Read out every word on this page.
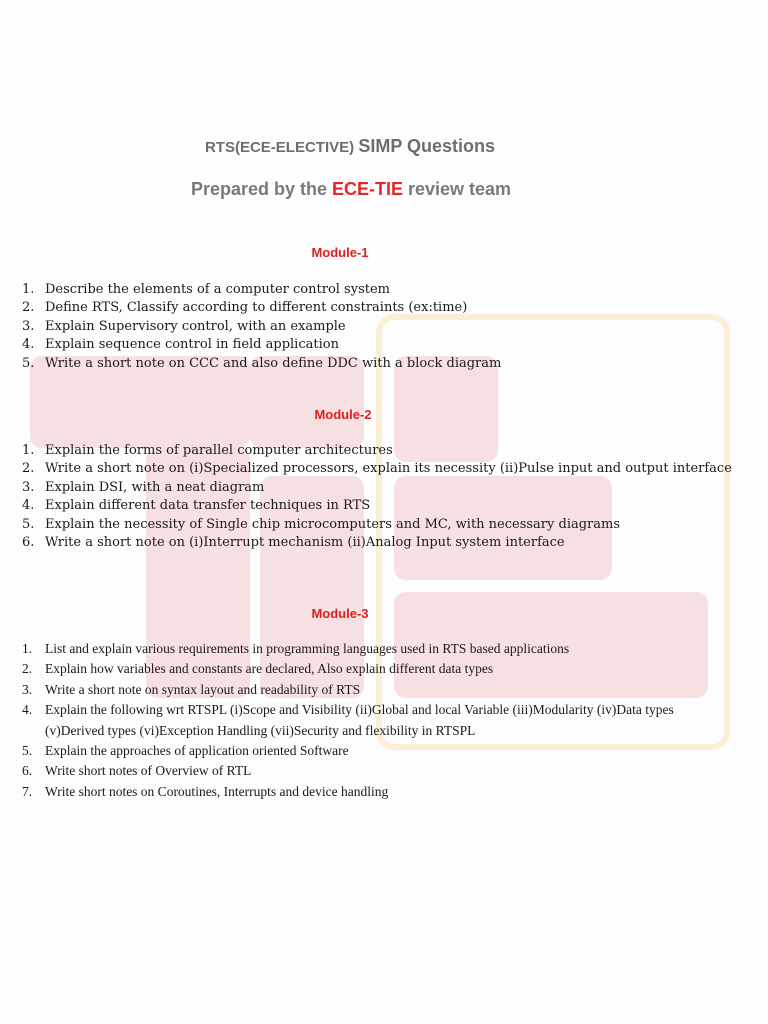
RTS(ECE-ELECTIVE) SIMP Questions
Prepared by the ECE-TIE review team
Module-1
1. Describe the elements of a computer control system
2. Define RTS, Classify according to different constraints (ex:time)
3. Explain Supervisory control, with an example
4. Explain sequence control in field application
5. Write a short note on CCC and also define DDC with a block diagram
Module-2
1. Explain the forms of parallel computer architectures
2. Write a short note on (i)Specialized processors, explain its necessity (ii)Pulse input and output interface
3. Explain DSI, with a neat diagram
4. Explain different data transfer techniques in RTS
5. Explain the necessity of Single chip microcomputers and MC, with necessary diagrams
6. Write a short note on (i)Interrupt mechanism (ii)Analog Input system interface
Module-3
1. List and explain various requirements in programming languages used in RTS based applications
2. Explain how variables and constants are declared, Also explain different data types
3. Write a short note on syntax layout and readability of RTS
4. Explain the following wrt RTSPL (i)Scope and Visibility (ii)Global and local Variable (iii)Modularity (iv)Data types (v)Derived types (vi)Exception Handling (vii)Security and flexibility in RTSPL
5. Explain the approaches of application oriented Software
6. Write short notes of Overview of RTL
7. Write short notes on Coroutines, Interrupts and device handling
